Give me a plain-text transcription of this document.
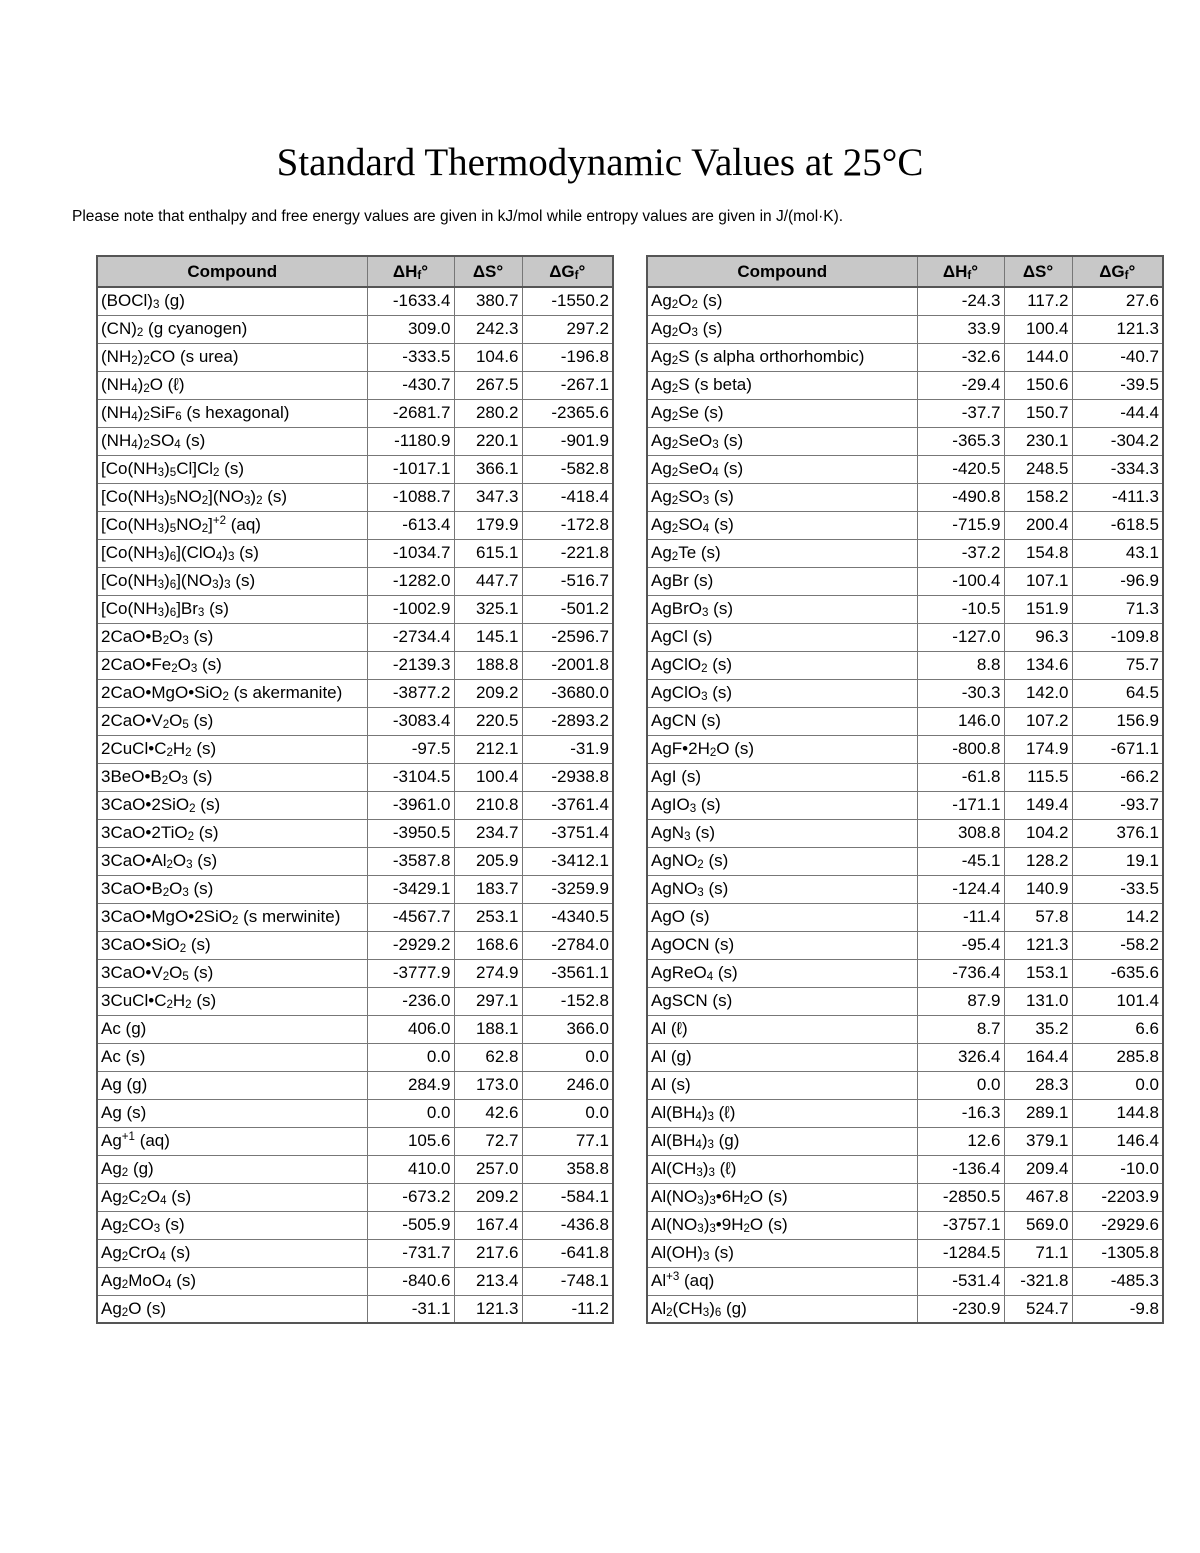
Standard Thermodynamic Values at 25°C

Please note that enthalpy and free energy values are given in kJ/mol while entropy values are given in J/(mol·K).

Compound	$\Delta H_f^\circ$	ΔS°	$\Delta G_f^\circ$
$(BOCl)_3$ (g)	-1633.4	380.7	-1550.2
$(CN)_2$ (g cyanogen)	309.0	242.3	297.2
$(NH_2)_2CO$ (s urea)	-333.5	104.6	-196.8
$(NH_4)_2O$ (ℓ)	-430.7	267.5	-267.1
$(NH_4)_2SiF_6$ (s hexagonal)	-2681.7	280.2	-2365.6
$(NH_4)_2SO_4$ (s)	-1180.9	220.1	-901.9
$[Co(NH_3)_5Cl]Cl_2$ (s)	-1017.1	366.1	-582.8
$[Co(NH_3)_5NO_2](NO_3)_2$ (s)	-1088.7	347.3	-418.4
$[Co(NH_3)_5NO_2]^{+2}$ (aq)	-613.4	179.9	-172.8
$[Co(NH_3)_6](ClO_4)_3$ (s)	-1034.7	615.1	-221.8
$[Co(NH_3)_6](NO_3)_3$ (s)	-1282.0	447.7	-516.7
$[Co(NH_3)_6]Br_3$ (s)	-1002.9	325.1	-501.2
$2CaO•B_2O_3$ (s)	-2734.4	145.1	-2596.7
$2CaO•Fe_2O_3$ (s)	-2139.3	188.8	-2001.8
2CaO•MgO•SiO$_2$ (s akermanite)	-3877.2	209.2	-3680.0
$2CaO•V_2O_5$ (s)	-3083.4	220.5	-2893.2
$2CuCl•C_2H_2$ (s)	-97.5	212.1	-31.9
$3BeO•B_2O_3$ (s)	-3104.5	100.4	-2938.8
3CaO•2SiO$_2$ (s)	-3961.0	210.8	-3761.4
3CaO•2TiO$_2$ (s)	-3950.5	234.7	-3751.4
$3CaO•Al_2O_3$ (s)	-3587.8	205.9	-3412.1
$3CaO•B_2O_3$ (s)	-3429.1	183.7	-3259.9
3CaO•MgO•2SiO$_2$ (s merwinite)	-4567.7	253.1	-4340.5
3CaO•SiO$_2$ (s)	-2929.2	168.6	-2784.0
$3CaO•V_2O_5$ (s)	-3777.9	274.9	-3561.1
$3CuCl•C_2H_2$ (s)	-236.0	297.1	-152.8
Ac (g)	406.0	188.1	366.0
Ac (s)	0.0	62.8	0.0
Ag (g)	284.9	173.0	246.0
Ag (s)	0.0	42.6	0.0
$Ag^{+1}$ (aq)	105.6	72.7	77.1
$Ag_2$ (g)	410.0	257.0	358.8
$Ag_2C_2O_4$ (s)	-673.2	209.2	-584.1
$Ag_2CO_3$ (s)	-505.9	167.4	-436.8
$Ag_2CrO_4$ (s)	-731.7	217.6	-641.8
$Ag_2MoO_4$ (s)	-840.6	213.4	-748.1
$Ag_2O$ (s)	-31.1	121.3	-11.2
Compound	$\Delta H_f^\circ$	ΔS°	$\Delta G_f^\circ$
$Ag_2O_2$ (s)	-24.3	117.2	27.6
$Ag_2O_3$ (s)	33.9	100.4	121.3
$Ag_2S$ (s alpha orthorhombic)	-32.6	144.0	-40.7
$Ag_2S$ (s beta)	-29.4	150.6	-39.5
$Ag_2Se$ (s)	-37.7	150.7	-44.4
$Ag_2SeO_3$ (s)	-365.3	230.1	-304.2
$Ag_2SeO_4$ (s)	-420.5	248.5	-334.3
$Ag_2SO_3$ (s)	-490.8	158.2	-411.3
$Ag_2SO_4$ (s)	-715.9	200.4	-618.5
$Ag_2Te$ (s)	-37.2	154.8	43.1
AgBr (s)	-100.4	107.1	-96.9
AgBrO$_3$ (s)	-10.5	151.9	71.3
AgCl (s)	-127.0	96.3	-109.8
AgClO$_2$ (s)	8.8	134.6	75.7
AgClO$_3$ (s)	-30.3	142.0	64.5
AgCN (s)	146.0	107.2	156.9
$AgF•2H_2O$ (s)	-800.8	174.9	-671.1
AgI (s)	-61.8	115.5	-66.2
AgIO$_3$ (s)	-171.1	149.4	-93.7
AgN$_3$ (s)	308.8	104.2	376.1
AgNO$_2$ (s)	-45.1	128.2	19.1
AgNO$_3$ (s)	-124.4	140.9	-33.5
AgO (s)	-11.4	57.8	14.2
AgOCN (s)	-95.4	121.3	-58.2
AgReO$_4$ (s)	-736.4	153.1	-635.6
AgSCN (s)	87.9	131.0	101.4
Al (ℓ)	8.7	35.2	6.6
Al (g)	326.4	164.4	285.8
Al (s)	0.0	28.3	0.0
$Al(BH_4)_3$ (ℓ)	-16.3	289.1	144.8
$Al(BH_4)_3$ (g)	12.6	379.1	146.4
$Al(CH_3)_3$ (ℓ)	-136.4	209.4	-10.0
$Al(NO_3)_3•6H_2O$ (s)	-2850.5	467.8	-2203.9
$Al(NO_3)_3•9H_2O$ (s)	-3757.1	569.0	-2929.6
$Al(OH)_3$ (s)	-1284.5	71.1	-1305.8
$Al^{+3}$ (aq)	-531.4	-321.8	-485.3
$Al_2(CH_3)_6$ (g)	-230.9	524.7	-9.8
